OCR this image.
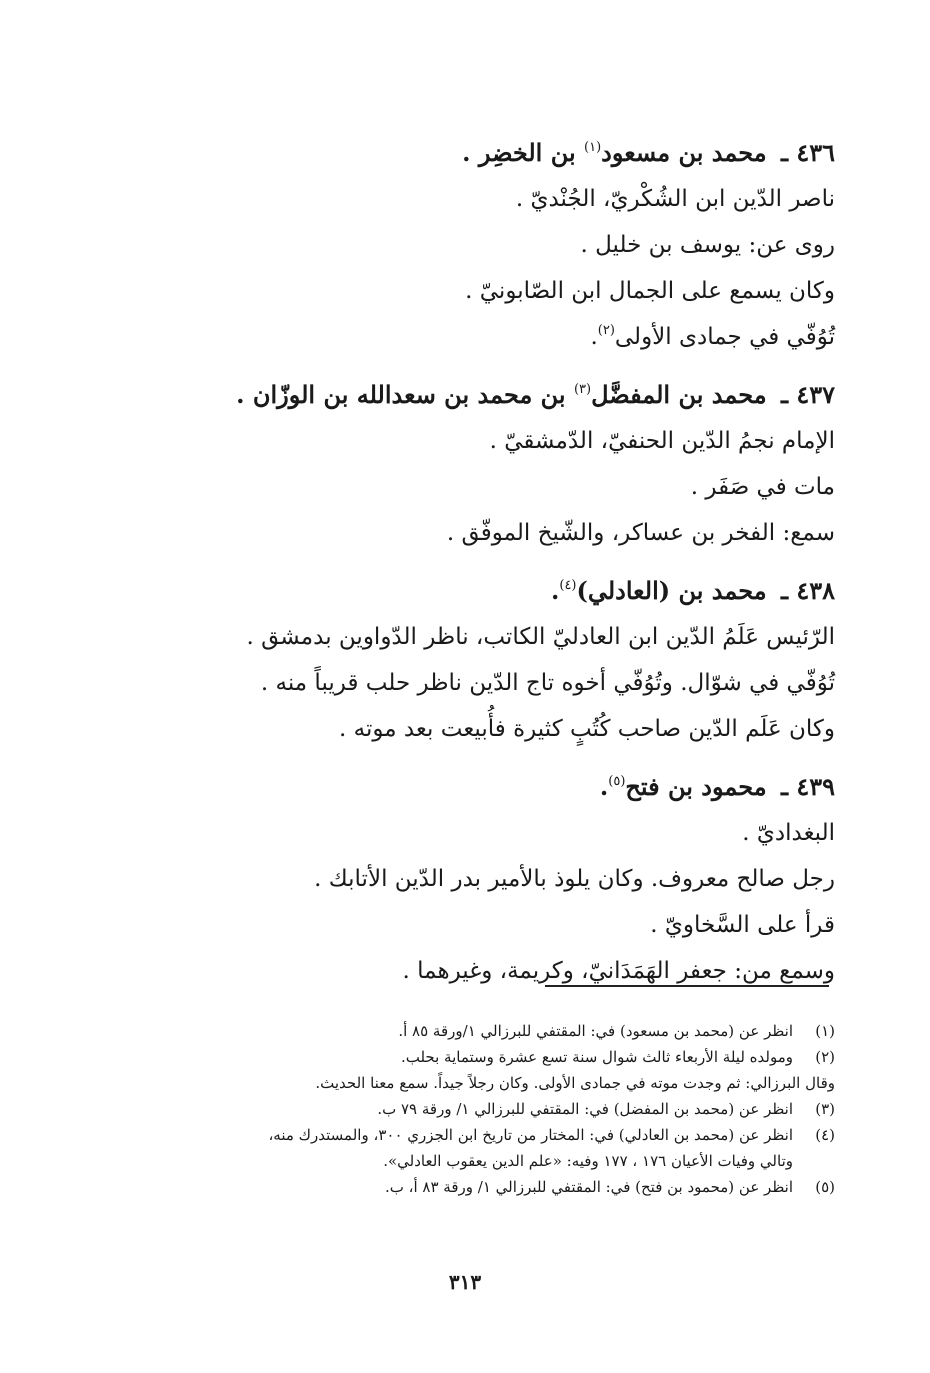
٤٣٦ ـ محمد بن مسعود$^{(١)}$ بن الخضِر .
ناصر الدّين ابن الشُكْريّ، الجُنْديّ .
روى عن: يوسف بن خليل .
وكان يسمع على الجمال ابن الصّابونيّ .
تُوُفّي في جمادى الأولى$^{(٢)}$.
٤٣٧ ـ محمد بن المفضَّل$^{(٣)}$ بن محمد بن سعدالله بن الوزّان .
الإمام نجمُ الدّين الحنفيّ، الدّمشقيّ .
مات في صَفَر .
سمع: الفخر بن عساكر، والشّيخ الموفّق .
٤٣٨ ـ محمد بن (العادلي)$^{(٤)}$.
الرّئيس عَلَمُ الدّين ابن العادليّ الكاتب، ناظر الدّواوين بدمشق .
تُوُفّي في شوّال. وتُوُفّي أخوه تاج الدّين ناظر حلب قريباً منه .
وكان عَلَم الدّين صاحب كُتُبٍ كثيرة فأُبيعت بعد موته .
٤٣٩ ـ محمود بن فتح$^{(٥)}$.
البغداديّ .
رجل صالح معروف. وكان يلوذ بالأمير بدر الدّين الأتابك .
قرأ على السَّخاويّ .
وسمع من: جعفر الهَمَدَانيّ، وكريمة، وغيرهما .
(١)انظر عن (محمد بن مسعود) في: المقتفي للبرزالي ١/ورقة ٨٥ أ.
(٢)ومولده ليلة الأربعاء ثالث شوال سنة تسع عشرة وستماية بحلب.
وقال البرزالي: ثم وجدت موته في جمادى الأولى. وكان رجلاً جيداً. سمع معنا الحديث.
(٣)انظر عن (محمد بن المفضل) في: المقتفي للبرزالي ١/ ورقة ٧٩ ب.
(٤)انظر عن (محمد بن العادلي) في: المختار من تاريخ ابن الجزري ٣٠٠، والمستدرك منه،
وتالي وفيات الأعيان ١٧٦ ، ١٧٧ وفيه: «علم الدين يعقوب العادلي».
(٥)انظر عن (محمود بن فتح) في: المقتفي للبرزالي ١/ ورقة ٨٣ أ، ب.
٣١٣
